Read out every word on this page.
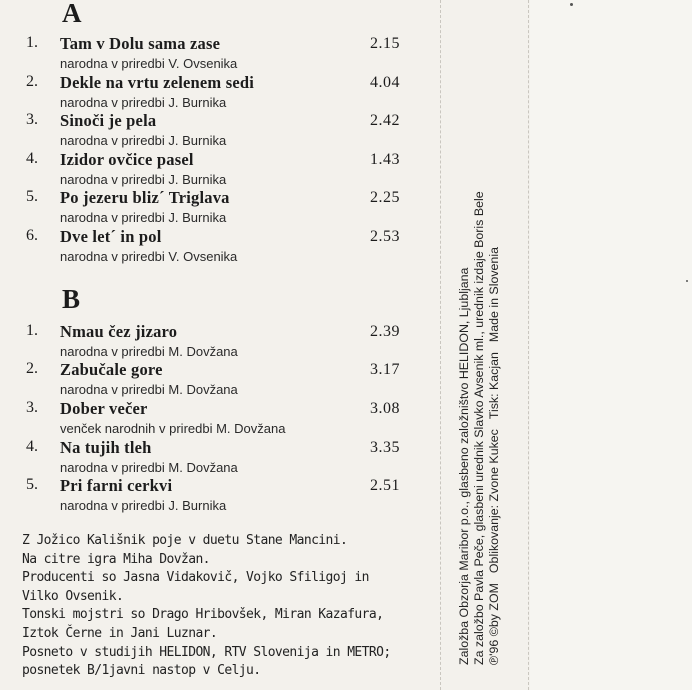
A
1. Tam v Dolu sama zase	2.15
narodna v priredbi V. Ovsenika
2. Dekle na vrtu zelenem sedi	4.04
narodna v priredbi J. Burnika
3. Sinoči je pela	2.42
narodna v priredbi J. Burnika
4. Izidor ovčice pasel	1.43
narodna v priredbi J. Burnika
5. Po jezeru bliz´ Triglava	2.25
narodna v priredbi J. Burnika
6. Dve let´ in pol	2.53
narodna v priredbi V. Ovsenika
B
1. Nmau čez jizaro	2.39
narodna v priredbi M. Dovžana
2. Zabučale gore	3.17
narodna v priredbi M. Dovžana
3. Dober večer	3.08
venček narodnih v priredbi M. Dovžana
4. Na tujih tleh	3.35
narodna v priredbi M. Dovžana
5. Pri farni cerkvi	2.51
narodna v priredbi J. Burnika
Z Jožico Kališnik poje v duetu Stane Mancini.
Na citre igra Miha Dovžan.
Producenti so Jasna Vidakovič, Vojko Sfiligoj in
Vilko Ovsenik.
Tonski mojstri so Drago Hribovšek, Miran Kazafura,
Iztok Černe in Jani Luznar.
Posneto v studijih HELIDON, RTV Slovenija in METRO;
posnetek B/1javni nastop v Celju.
Založba Obzorja Maribor p.o., glasbeno založništvo HELIDON, Ljubljana Za založbo Pavla Peče, glasbeni urednik Slavko Avsenik ml., urednik izdaje Boris Bele ℗'96 ©by ZOMOblikovanje: Zvone KukecTisk: KacjanMade in Slovenia
